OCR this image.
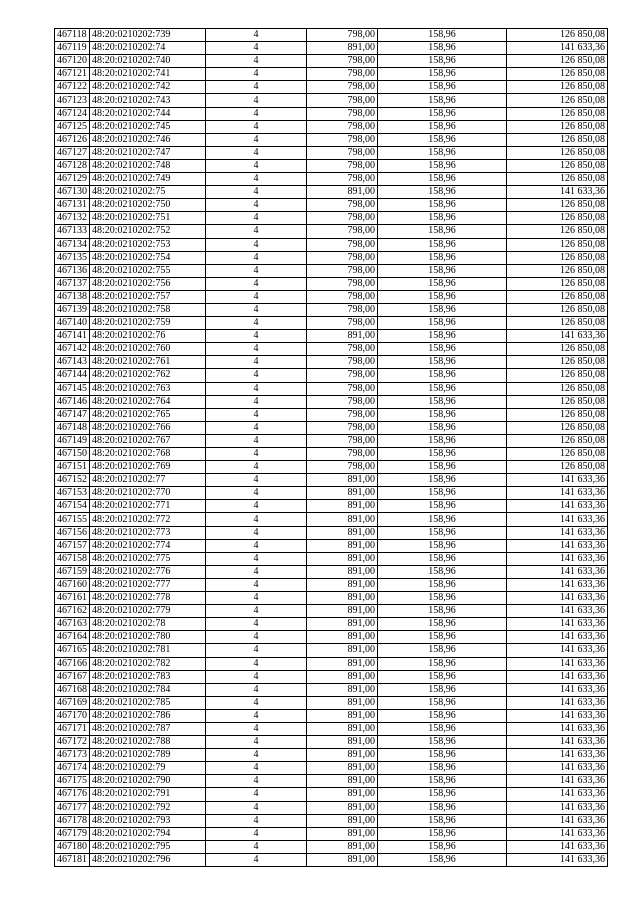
467118	48:20:0210202:739	4	798,00	158,96	126 850,08
467119	48:20:0210202:74	4	891,00	158,96	141 633,36
467120	48:20:0210202:740	4	798,00	158,96	126 850,08
467121	48:20:0210202:741	4	798,00	158,96	126 850,08
467122	48:20:0210202:742	4	798,00	158,96	126 850,08
467123	48:20:0210202:743	4	798,00	158,96	126 850,08
467124	48:20:0210202:744	4	798,00	158,96	126 850,08
467125	48:20:0210202:745	4	798,00	158,96	126 850,08
467126	48:20:0210202:746	4	798,00	158,96	126 850,08
467127	48:20:0210202:747	4	798,00	158,96	126 850,08
467128	48:20:0210202:748	4	798,00	158,96	126 850,08
467129	48:20:0210202:749	4	798,00	158,96	126 850,08
467130	48:20:0210202:75	4	891,00	158,96	141 633,36
467131	48:20:0210202:750	4	798,00	158,96	126 850,08
467132	48:20:0210202:751	4	798,00	158,96	126 850,08
467133	48:20:0210202:752	4	798,00	158,96	126 850,08
467134	48:20:0210202:753	4	798,00	158,96	126 850,08
467135	48:20:0210202:754	4	798,00	158,96	126 850,08
467136	48:20:0210202:755	4	798,00	158,96	126 850,08
467137	48:20:0210202:756	4	798,00	158,96	126 850,08
467138	48:20:0210202:757	4	798,00	158,96	126 850,08
467139	48:20:0210202:758	4	798,00	158,96	126 850,08
467140	48:20:0210202:759	4	798,00	158,96	126 850,08
467141	48:20:0210202:76	4	891,00	158,96	141 633,36
467142	48:20:0210202:760	4	798,00	158,96	126 850,08
467143	48:20:0210202:761	4	798,00	158,96	126 850,08
467144	48:20:0210202:762	4	798,00	158,96	126 850,08
467145	48:20:0210202:763	4	798,00	158,96	126 850,08
467146	48:20:0210202:764	4	798,00	158,96	126 850,08
467147	48:20:0210202:765	4	798,00	158,96	126 850,08
467148	48:20:0210202:766	4	798,00	158,96	126 850,08
467149	48:20:0210202:767	4	798,00	158,96	126 850,08
467150	48:20:0210202:768	4	798,00	158,96	126 850,08
467151	48:20:0210202:769	4	798,00	158,96	126 850,08
467152	48:20:0210202:77	4	891,00	158,96	141 633,36
467153	48:20:0210202:770	4	891,00	158,96	141 633,36
467154	48:20:0210202:771	4	891,00	158,96	141 633,36
467155	48:20:0210202:772	4	891,00	158,96	141 633,36
467156	48:20:0210202:773	4	891,00	158,96	141 633,36
467157	48:20:0210202:774	4	891,00	158,96	141 633,36
467158	48:20:0210202:775	4	891,00	158,96	141 633,36
467159	48:20:0210202:776	4	891,00	158,96	141 633,36
467160	48:20:0210202:777	4	891,00	158,96	141 633,36
467161	48:20:0210202:778	4	891,00	158,96	141 633,36
467162	48:20:0210202:779	4	891,00	158,96	141 633,36
467163	48:20:0210202:78	4	891,00	158,96	141 633,36
467164	48:20:0210202:780	4	891,00	158,96	141 633,36
467165	48:20:0210202:781	4	891,00	158,96	141 633,36
467166	48:20:0210202:782	4	891,00	158,96	141 633,36
467167	48:20:0210202:783	4	891,00	158,96	141 633,36
467168	48:20:0210202:784	4	891,00	158,96	141 633,36
467169	48:20:0210202:785	4	891,00	158,96	141 633,36
467170	48:20:0210202:786	4	891,00	158,96	141 633,36
467171	48:20:0210202:787	4	891,00	158,96	141 633,36
467172	48:20:0210202:788	4	891,00	158,96	141 633,36
467173	48:20:0210202:789	4	891,00	158,96	141 633,36
467174	48:20:0210202:79	4	891,00	158,96	141 633,36
467175	48:20:0210202:790	4	891,00	158,96	141 633,36
467176	48:20:0210202:791	4	891,00	158,96	141 633,36
467177	48:20:0210202:792	4	891,00	158,96	141 633,36
467178	48:20:0210202:793	4	891,00	158,96	141 633,36
467179	48:20:0210202:794	4	891,00	158,96	141 633,36
467180	48:20:0210202:795	4	891,00	158,96	141 633,36
467181	48:20:0210202:796	4	891,00	158,96	141 633,36
